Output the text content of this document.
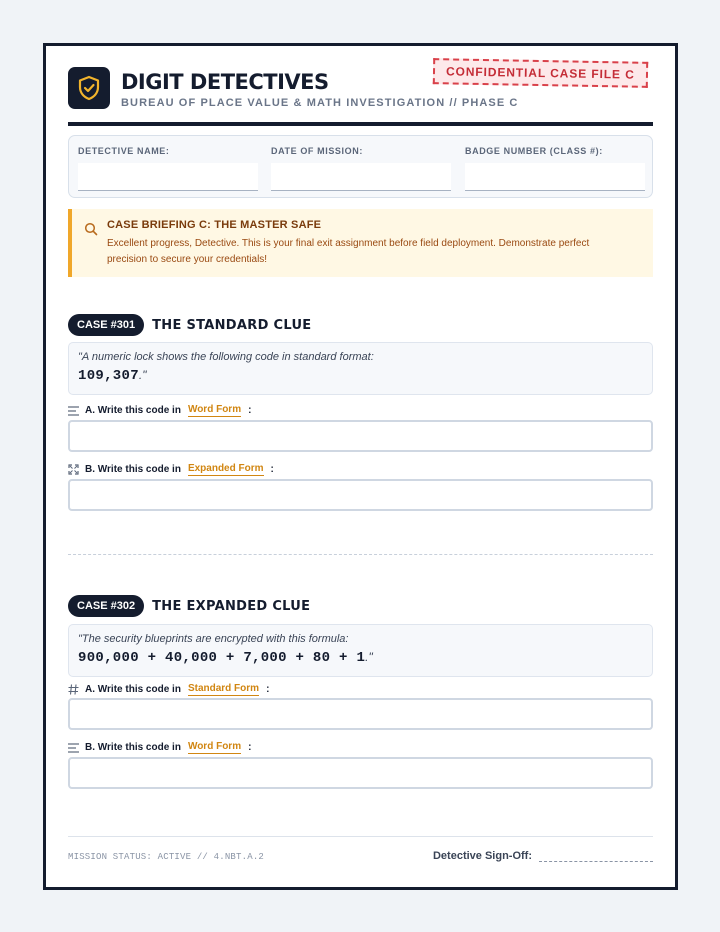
DIGIT DETECTIVES
BUREAU OF PLACE VALUE & MATH INVESTIGATION // PHASE C
CONFIDENTIAL CASE FILE C
DETECTIVE NAME:	DATE OF MISSION:	BADGE NUMBER (CLASS #):
CASE BRIEFING C: THE MASTER SAFE
Excellent progress, Detective. This is your final exit assignment before field deployment. Demonstrate perfect precision to secure your credentials!
CASE #301	THE STANDARD CLUE
"A numeric lock shows the following code in standard format:
109,307."
A. Write this code in Word Form :
B. Write this code in Expanded Form :
CASE #302	THE EXPANDED CLUE
"The security blueprints are encrypted with this formula:
900,000 + 40,000 + 7,000 + 80 + 1."
A. Write this code in Standard Form :
B. Write this code in Word Form :
MISSION STATUS: ACTIVE // 4.NBT.A.2	Detective Sign-Off:
